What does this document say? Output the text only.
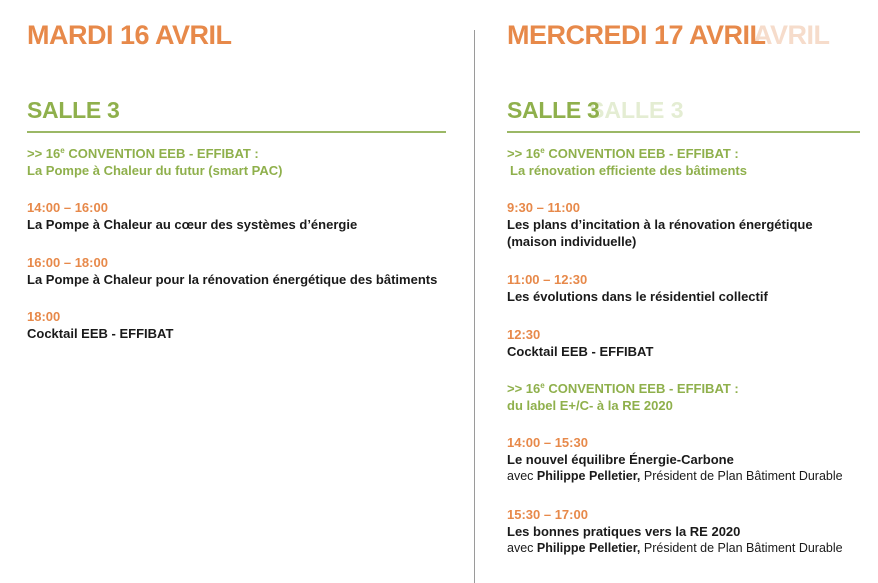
MARDI 16 AVRIL
SALLE 3
>> $16^e$ CONVENTION EEB - EFFIBAT :
La Pompe à Chaleur du futur (smart PAC)
14:00 – 16:00
La Pompe à Chaleur au cœur des systèmes d’énergie
16:00 – 18:00
La Pompe à Chaleur pour la rénovation énergétique des bâtiments
18:00
Cocktail EEB - EFFIBAT
AVRIL
MERCREDI 17 AVRIL
SALLE 3
SALLE 3
>> $16^e$ CONVENTION EEB - EFFIBAT :
La rénovation efficiente des bâtiments
9:30 – 11:00
Les plans d’incitation à la rénovation énergétique
(maison individuelle)
11:00 – 12:30
Les évolutions dans le résidentiel collectif
12:30
Cocktail EEB - EFFIBAT
>> $16^e$ CONVENTION EEB - EFFIBAT :
du label E+/C- à la RE 2020
14:00 – 15:30
Le nouvel équilibre Énergie-Carbone
avec Philippe Pelletier, Président de Plan Bâtiment Durable
15:30 – 17:00
Les bonnes pratiques vers la RE 2020
avec Philippe Pelletier, Président de Plan Bâtiment Durable
